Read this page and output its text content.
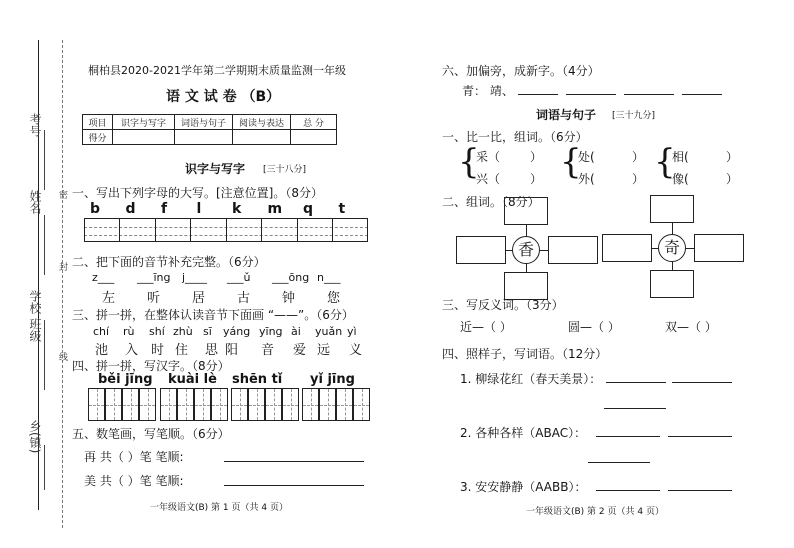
考号
姓名
学校 班级
乡(镇)
密
封
线
桐柏县2020-2021学年第二学期期末质量监测一年级
语 文 试 卷 （B）
项目	识字与写字	词语与句子	阅读与表达	总 分
得分				
识字与写字 [三十八分]
一、写出下列字母的大写。[注意位置]。（8分）
b d f l k m q t
二、把下面的音节补充完整。（6分）
z___ ___īng j____ ___ǔ ___ōng n___
左 听 居 古 钟 您
三、拼一拼，在整体认读音节下面画 “——”。（6分）
chí rù shí zhù sī yáng yīng ài yuǎn yì
池 入 时 住 思 阳 音 爱 远 义
四、拼一拼，写汉字。（8分）
běi jīng kuài lè shēn tǐ yǐ jīng
五、数笔画，写笔顺。（6分）
再 共（ ）笔 笔顺:
美 共（ ）笔 笔顺:
一年级语文(B) 第 1 页（共 4 页）
六、加偏旁，成新字。（4分）
青： 靖、
词语与句子 [三十九分]
一、比一比，组词。（6分）
{
采（ ）
兴（ ） {
处(	）
外(	） {
相(	）
像(	）
二、组词。（8分）
香	奇
三、写反义词。（3分）
近—（ ）	圆—（ ）	双—（ ）
四、照样子，写词语。（12分）
1. 柳绿花红（春天美景）：
2. 各种各样（ABAC）：
3. 安安静静（AABB）：
一年级语文(B) 第 2 页（共 4 页）
